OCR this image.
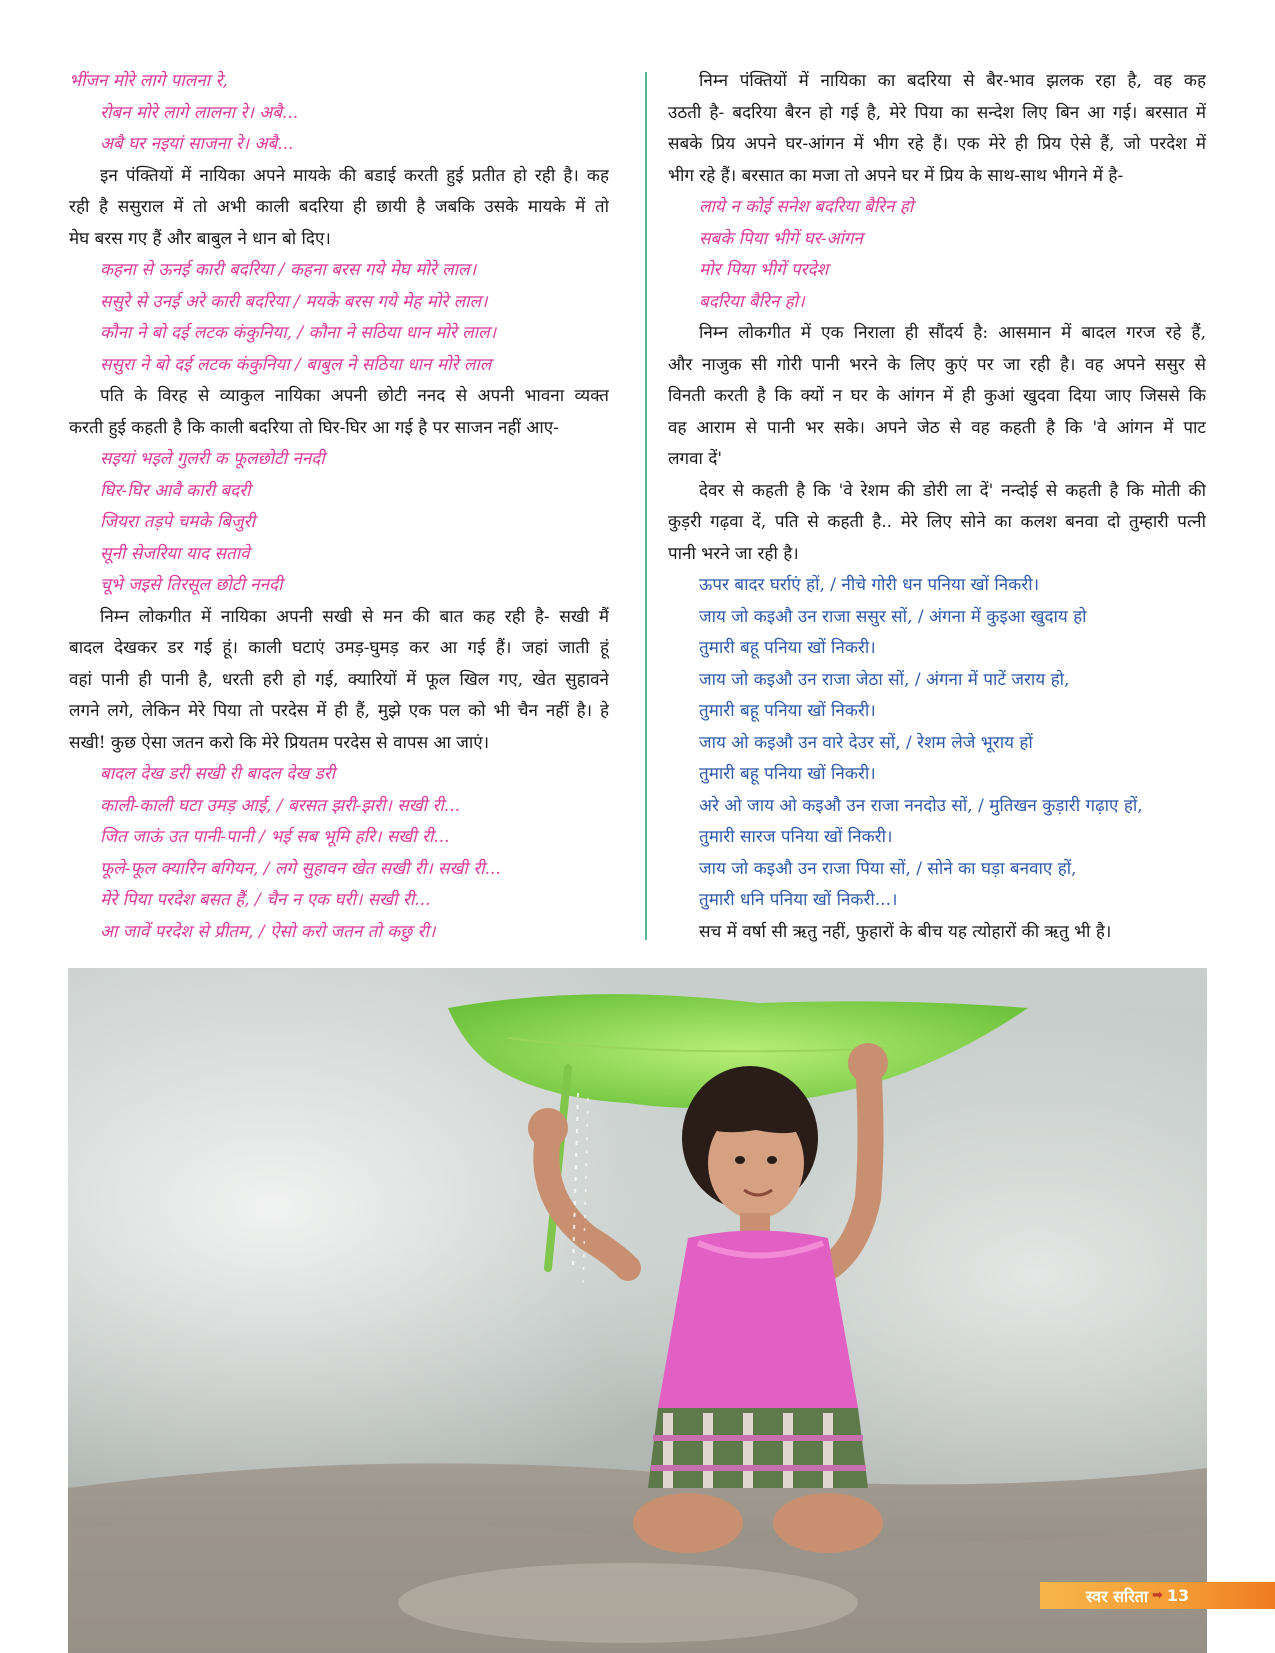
भींजन मोरे लागे पालना रे,
रोबन मोरे लागे लालना रे। अबै...
अबै घर नइयां साजना रे। अबै...
इन पंक्तियों में नायिका अपने मायके की बडाई करती हुई प्रतीत हो रही है। कह
रही है ससुराल में तो अभी काली बदरिया ही छायी है जबकि उसके मायके में तो
मेघ बरस गए हैं और बाबुल ने धान बो दिए।
कहना से ऊनई कारी बदरिया / कहना बरस गये मेघ मोरे लाल।
ससुरे से उनई अरे कारी बदरिया / मयके बरस गये मेह मोरे लाल।
कौना ने बो दई लटक कंकुनिया, / कौना ने सठिया धान मोरे लाल।
ससुरा ने बो दई लटक कंकुनिया / बाबुल ने सठिया धान मोरे लाल
पति के विरह से व्याकुल नायिका अपनी छोटी ननद से अपनी भावना व्यक्त
करती हुई कहती है कि काली बदरिया तो घिर-घिर आ गई है पर साजन नहीं आए-
सइयां भइले गुलरी क फूलछोटी ननदी
घिर-घिर आवै कारी बदरी
जियरा तड़पे चमके बिजुरी
सूनी सेजरिया याद सतावे
चूभे जइसे तिरसूल छोटी ननदी
निम्न लोकगीत में नायिका अपनी सखी से मन की बात कह रही है- सखी मैं
बादल देखकर डर गई हूं। काली घटाएं उमड़-घुमड़ कर आ गई हैं। जहां जाती हूं
वहां पानी ही पानी है, धरती हरी हो गई, क्यारियों में फूल खिल गए, खेत सुहावने
लगने लगे, लेकिन मेरे पिया तो परदेस में ही हैं, मुझे एक पल को भी चैन नहीं है। हे
सखी! कुछ ऐसा जतन करो कि मेरे प्रियतम परदेस से वापस आ जाएं।
बादल देख डरी सखी री बादल देख डरी
काली-काली घटा उमड़ आई, / बरसत झरी-झरी। सखी री...
जित जाऊं उत पानी-पानी / भई सब भूमि हरि। सखी री...
फूले-फूल क्यारिन बगियन, / लगे सुहावन खेत सखी री। सखी री...
मेरे पिया परदेश बसत हैं, / चैन न एक घरी। सखी री...
आ जावें परदेश से प्रीतम, / ऐसो करो जतन तो कछु री।
निम्न पंक्तियों में नायिका का बदरिया से बैर-भाव झलक रहा है, वह कह
उठती है- बदरिया बैरन हो गई है, मेरे पिया का सन्देश लिए बिन आ गई। बरसात में
सबके प्रिय अपने घर-आंगन में भीग रहे हैं। एक मेरे ही प्रिय ऐसे हैं, जो परदेश में
भीग रहे हैं। बरसात का मजा तो अपने घर में प्रिय के साथ-साथ भीगने में है-
लाये न कोई सनेश बदरिया बैरिन हो
सबके पिया भीगें घर-आंगन
मोर पिया भीगें परदेश
बदरिया बैरिन हो।
निम्न लोकगीत में एक निराला ही सौंदर्य है: आसमान में बादल गरज रहे हैं,
और नाजुक सी गोरी पानी भरने के लिए कुएं पर जा रही है। वह अपने ससुर से
विनती करती है कि क्यों न घर के आंगन में ही कुआं खुदवा दिया जाए जिससे कि
वह आराम से पानी भर सके। अपने जेठ से वह कहती है कि 'वे आंगन में पाट
लगवा दें'
देवर से कहती है कि 'वे रेशम की डोरी ला दें' नन्दोई से कहती है कि मोती की
कुड़री गढ़वा दें, पति से कहती है.. मेरे लिए सोने का कलश बनवा दो तुम्हारी पत्नी
पानी भरने जा रही है।
ऊपर बादर घर्राएं हों, / नीचे गोरी धन पनिया खों निकरी।
जाय जो कइऔ उन राजा ससुर सों, / अंगना में कुइआ खुदाय हो
तुमारी बहू पनिया खों निकरी।
जाय जो कइऔ उन राजा जेठा सों, / अंगना में पाटें जराय हो,
तुमारी बहू पनिया खों निकरी।
जाय ओ कइऔ उन वारे देउर सों, / रेशम लेजे भूराय हों
तुमारी बहू पनिया खों निकरी।
अरे ओ जाय ओ कइऔ उन राजा ननदोउ सों, / मुतिखन कुड़ारी गढ़ाए हों,
तुमारी सारज पनिया खों निकरी।
जाय जो कइऔ उन राजा पिया सों, / सोने का घड़ा बनवाए हों,
तुमारी धनि पनिया खों निकरी...।
सच में वर्षा सी ऋतु नहीं, फुहारों के बीच यह त्योहारों की ऋतु भी है।
स्वर सरिता ➡ 13
